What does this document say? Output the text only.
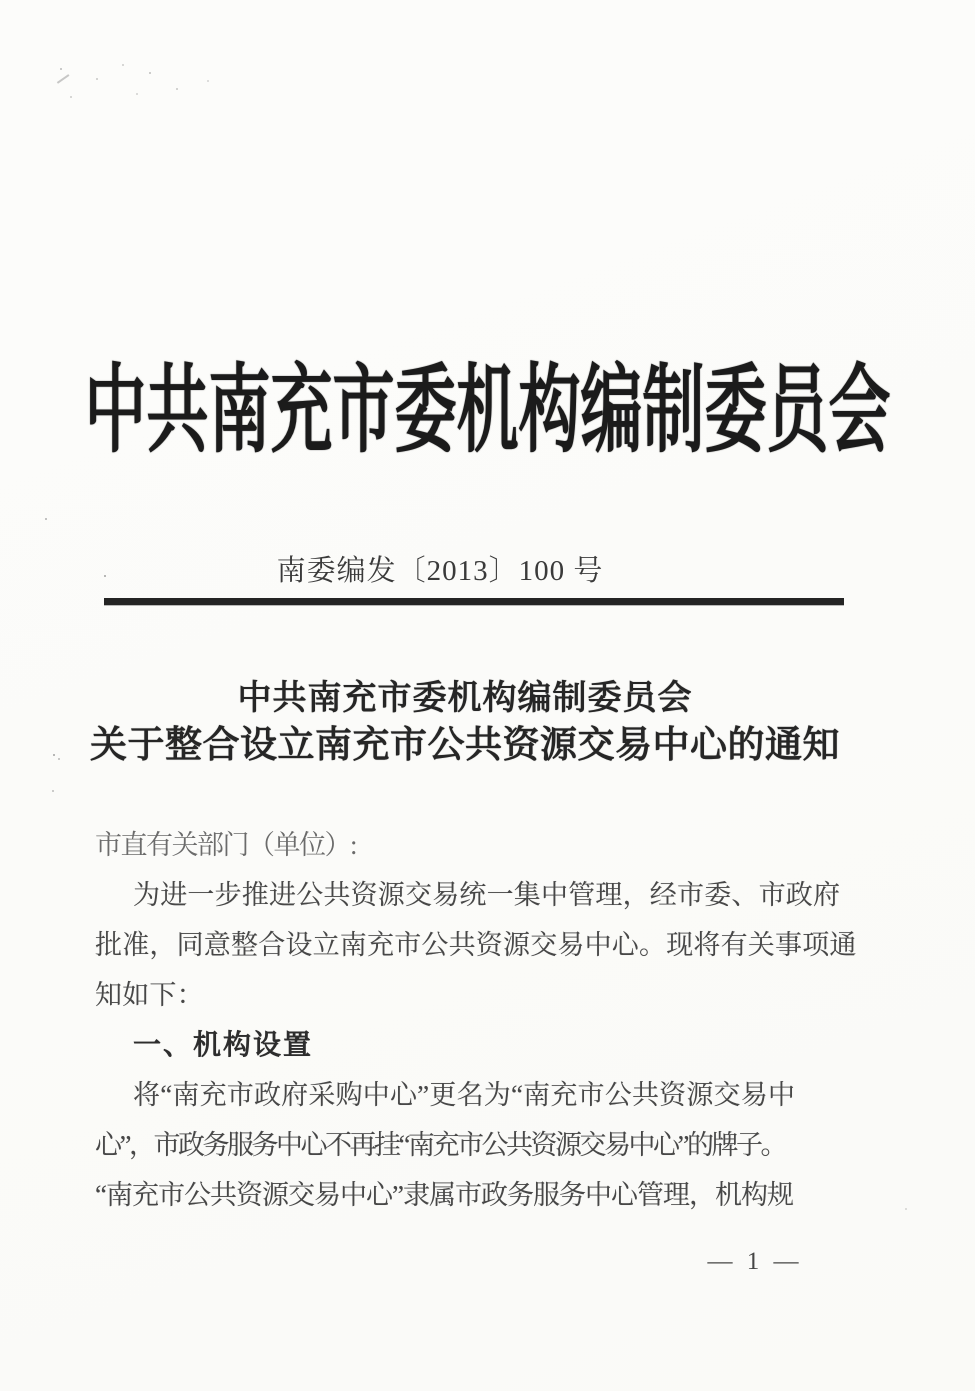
中共南充市委机构编制委员会
南委编发〔2013〕100 号
中共南充市委机构编制委员会
关于整合设立南充市公共资源交易中心的通知
市直有关部门（单位）:
为进一步推进公共资源交易统一集中管理，经市委、市政府
批准，同意整合设立南充市公共资源交易中心。现将有关事项通
知如下：
一、机构设置
将“南充市政府采购中心”更名为“南充市公共资源交易中
心”，市政务服务中心不再挂“南充市公共资源交易中心”的牌子。
“南充市公共资源交易中心”隶属市政务服务中心管理，机构规
— 1 —
